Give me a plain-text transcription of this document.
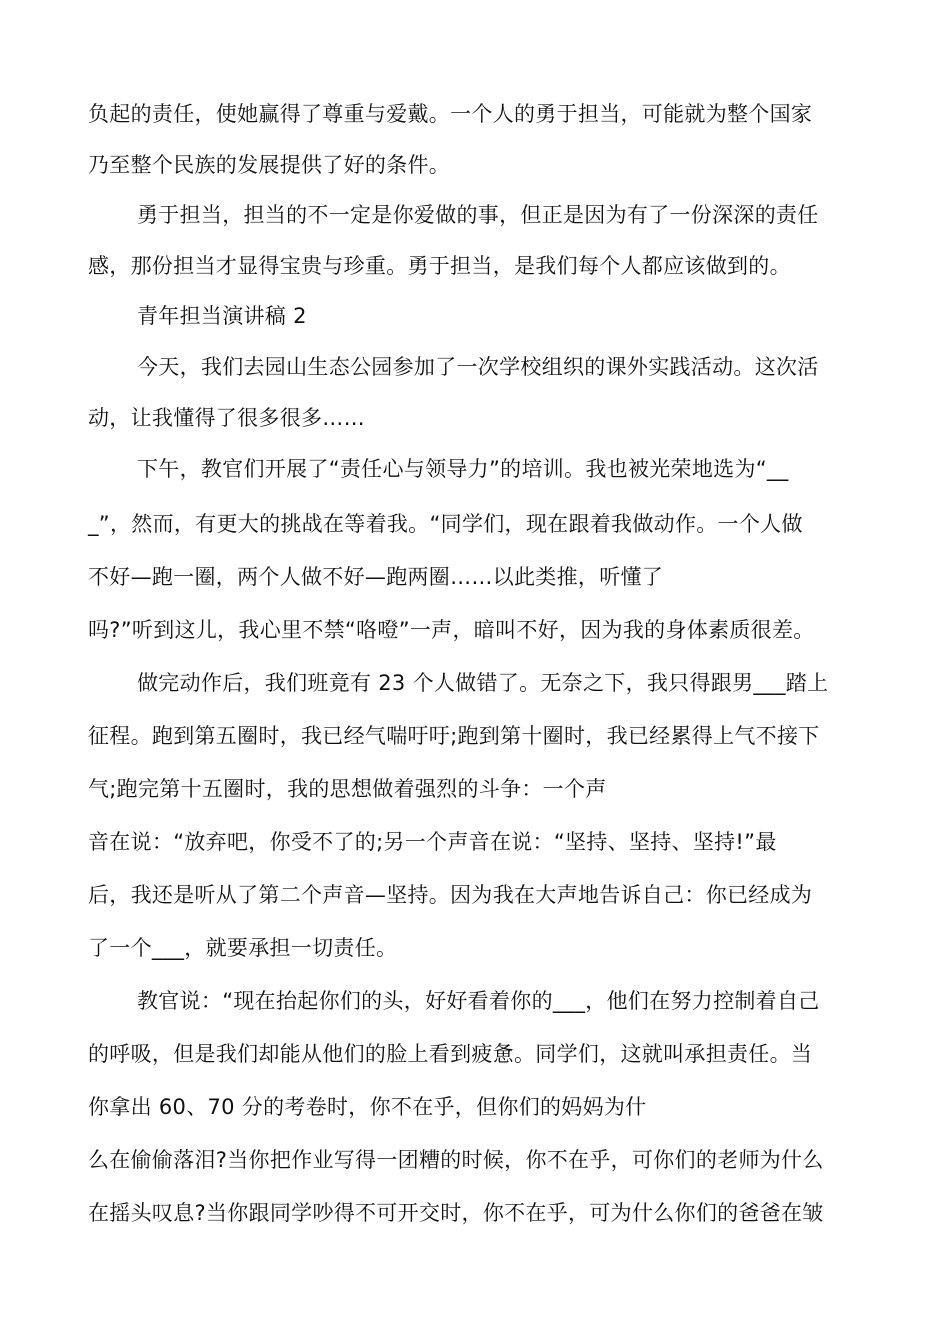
负起的责任，使她赢得了尊重与爱戴。一个人的勇于担当，可能就为整个国家
乃至整个民族的发展提供了好的条件。
勇于担当，担当的不一定是你爱做的事，但正是因为有了一份深深的责任
感，那份担当才显得宝贵与珍重。勇于担当，是我们每个人都应该做到的。
青年担当演讲稿 2
今天，我们去园山生态公园参加了一次学校组织的课外实践活动。这次活
动，让我懂得了很多很多……
下午，教官们开展了“责任心与领导力”的培训。我也被光荣地选为“__
_”，然而，有更大的挑战在等着我。“同学们，现在跟着我做动作。一个人做
不好—跑一圈，两个人做不好—跑两圈……以此类推，听懂了
吗?”听到这儿，我心里不禁“咯噔”一声，暗叫不好，因为我的身体素质很差。
做完动作后，我们班竟有 23 个人做错了。无奈之下，我只得跟男___踏上
征程。跑到第五圈时，我已经气喘吁吁;跑到第十圈时，我已经累得上气不接下
气;跑完第十五圈时，我的思想做着强烈的斗争：一个声
音在说：“放弃吧，你受不了的;另一个声音在说：“坚持、坚持、坚持!”最
后，我还是听从了第二个声音—坚持。因为我在大声地告诉自己：你已经成为
了一个___，就要承担一切责任。
教官说：“现在抬起你们的头，好好看着你的___，他们在努力控制着自己
的呼吸，但是我们却能从他们的脸上看到疲惫。同学们，这就叫承担责任。当
你拿出 60、70 分的考卷时，你不在乎，但你们的妈妈为什
么在偷偷落泪?当你把作业写得一团糟的时候，你不在乎，可你们的老师为什么
在摇头叹息?当你跟同学吵得不可开交时，你不在乎，可为什么你们的爸爸在皱
